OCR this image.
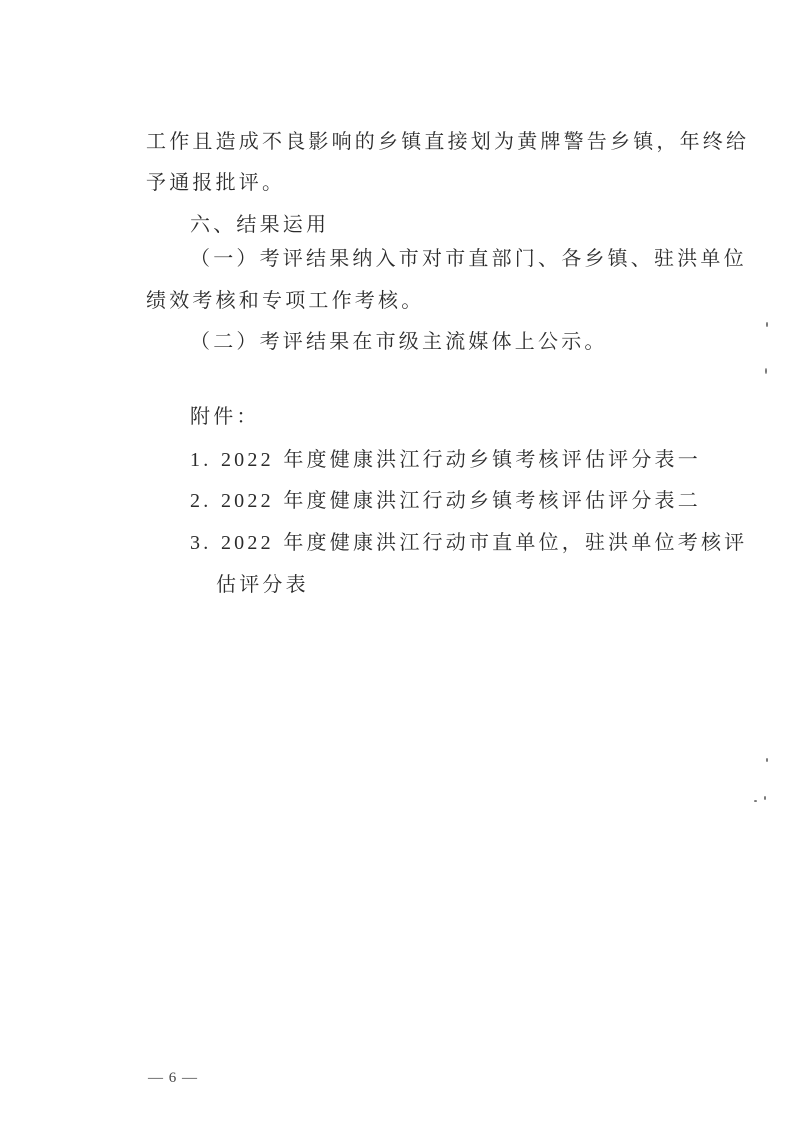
工作且造成不良影响的乡镇直接划为黄牌警告乡镇，年终给
予通报批评。
六、结果运用
（一）考评结果纳入市对市直部门、各乡镇、驻洪单位
绩效考核和专项工作考核。
（二）考评结果在市级主流媒体上公示。
附件：
1. 2022 年度健康洪江行动乡镇考核评估评分表一
2. 2022 年度健康洪江行动乡镇考核评估评分表二
3. 2022 年度健康洪江行动市直单位，驻洪单位考核评
估评分表
— 6 —
